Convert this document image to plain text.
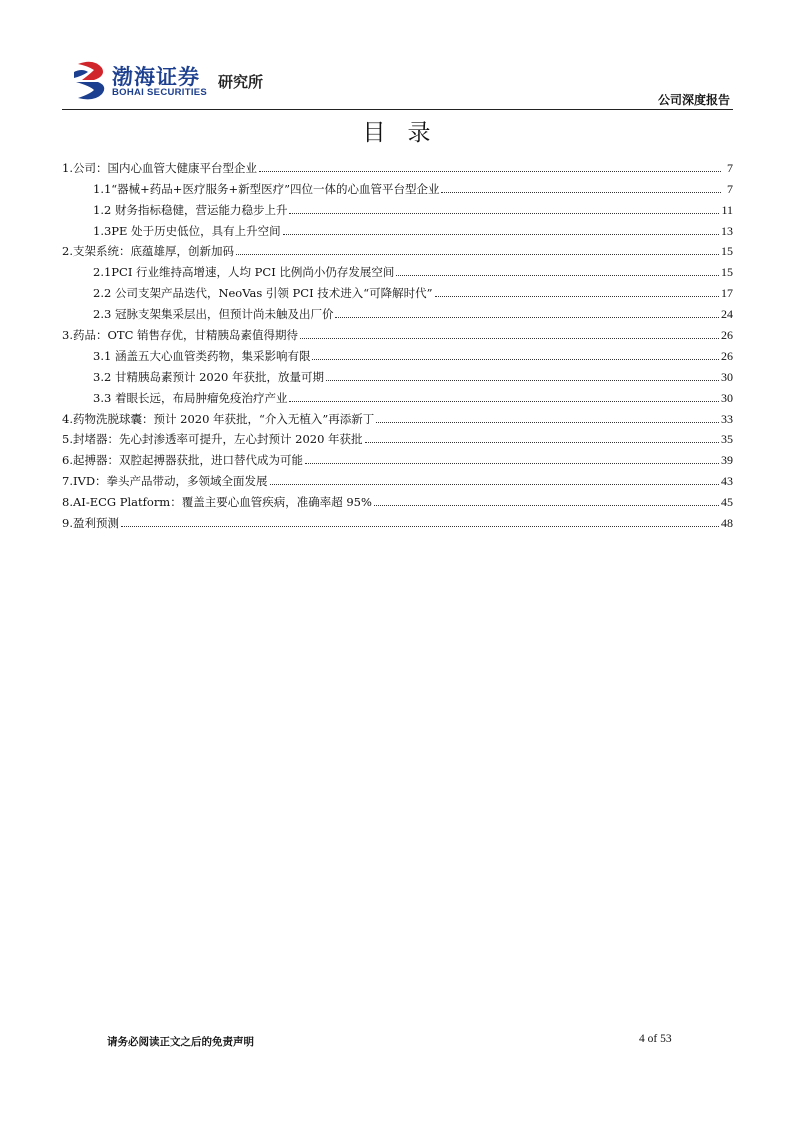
渤海证券
BOHAI SECURITIES
研究所
公司深度报告
目录
1.公司：国内心血管大健康平台型企业	7
1.1“器械+药品+医疗服务+新型医疗”四位一体的心血管平台型企业	7
1.2 财务指标稳健，营运能力稳步上升	11
1.3PE 处于历史低位，具有上升空间	13
2.支架系统：底蕴雄厚，创新加码	15
2.1PCI 行业维持高增速，人均 PCI 比例尚小仍存发展空间	15
2.2 公司支架产品迭代，NeoVas 引领 PCI 技术进入“可降解时代”	17
2.3 冠脉支架集采层出，但预计尚未触及出厂价	24
3.药品：OTC 销售存优，甘精胰岛素值得期待	26
3.1 涵盖五大心血管类药物，集采影响有限	26
3.2 甘精胰岛素预计 2020 年获批，放量可期	30
3.3 着眼长远，布局肿瘤免疫治疗产业	30
4.药物洗脱球囊：预计 2020 年获批，“介入无植入”再添新丁	33
5.封堵器：先心封渗透率可提升，左心封预计 2020 年获批	35
6.起搏器：双腔起搏器获批，进口替代成为可能	39
7.IVD：拳头产品带动，多领域全面发展	43
8.AI-ECG Platform：覆盖主要心血管疾病，准确率超 95%	45
9.盈利预测	48
请务必阅读正文之后的免责声明	4 of 53
